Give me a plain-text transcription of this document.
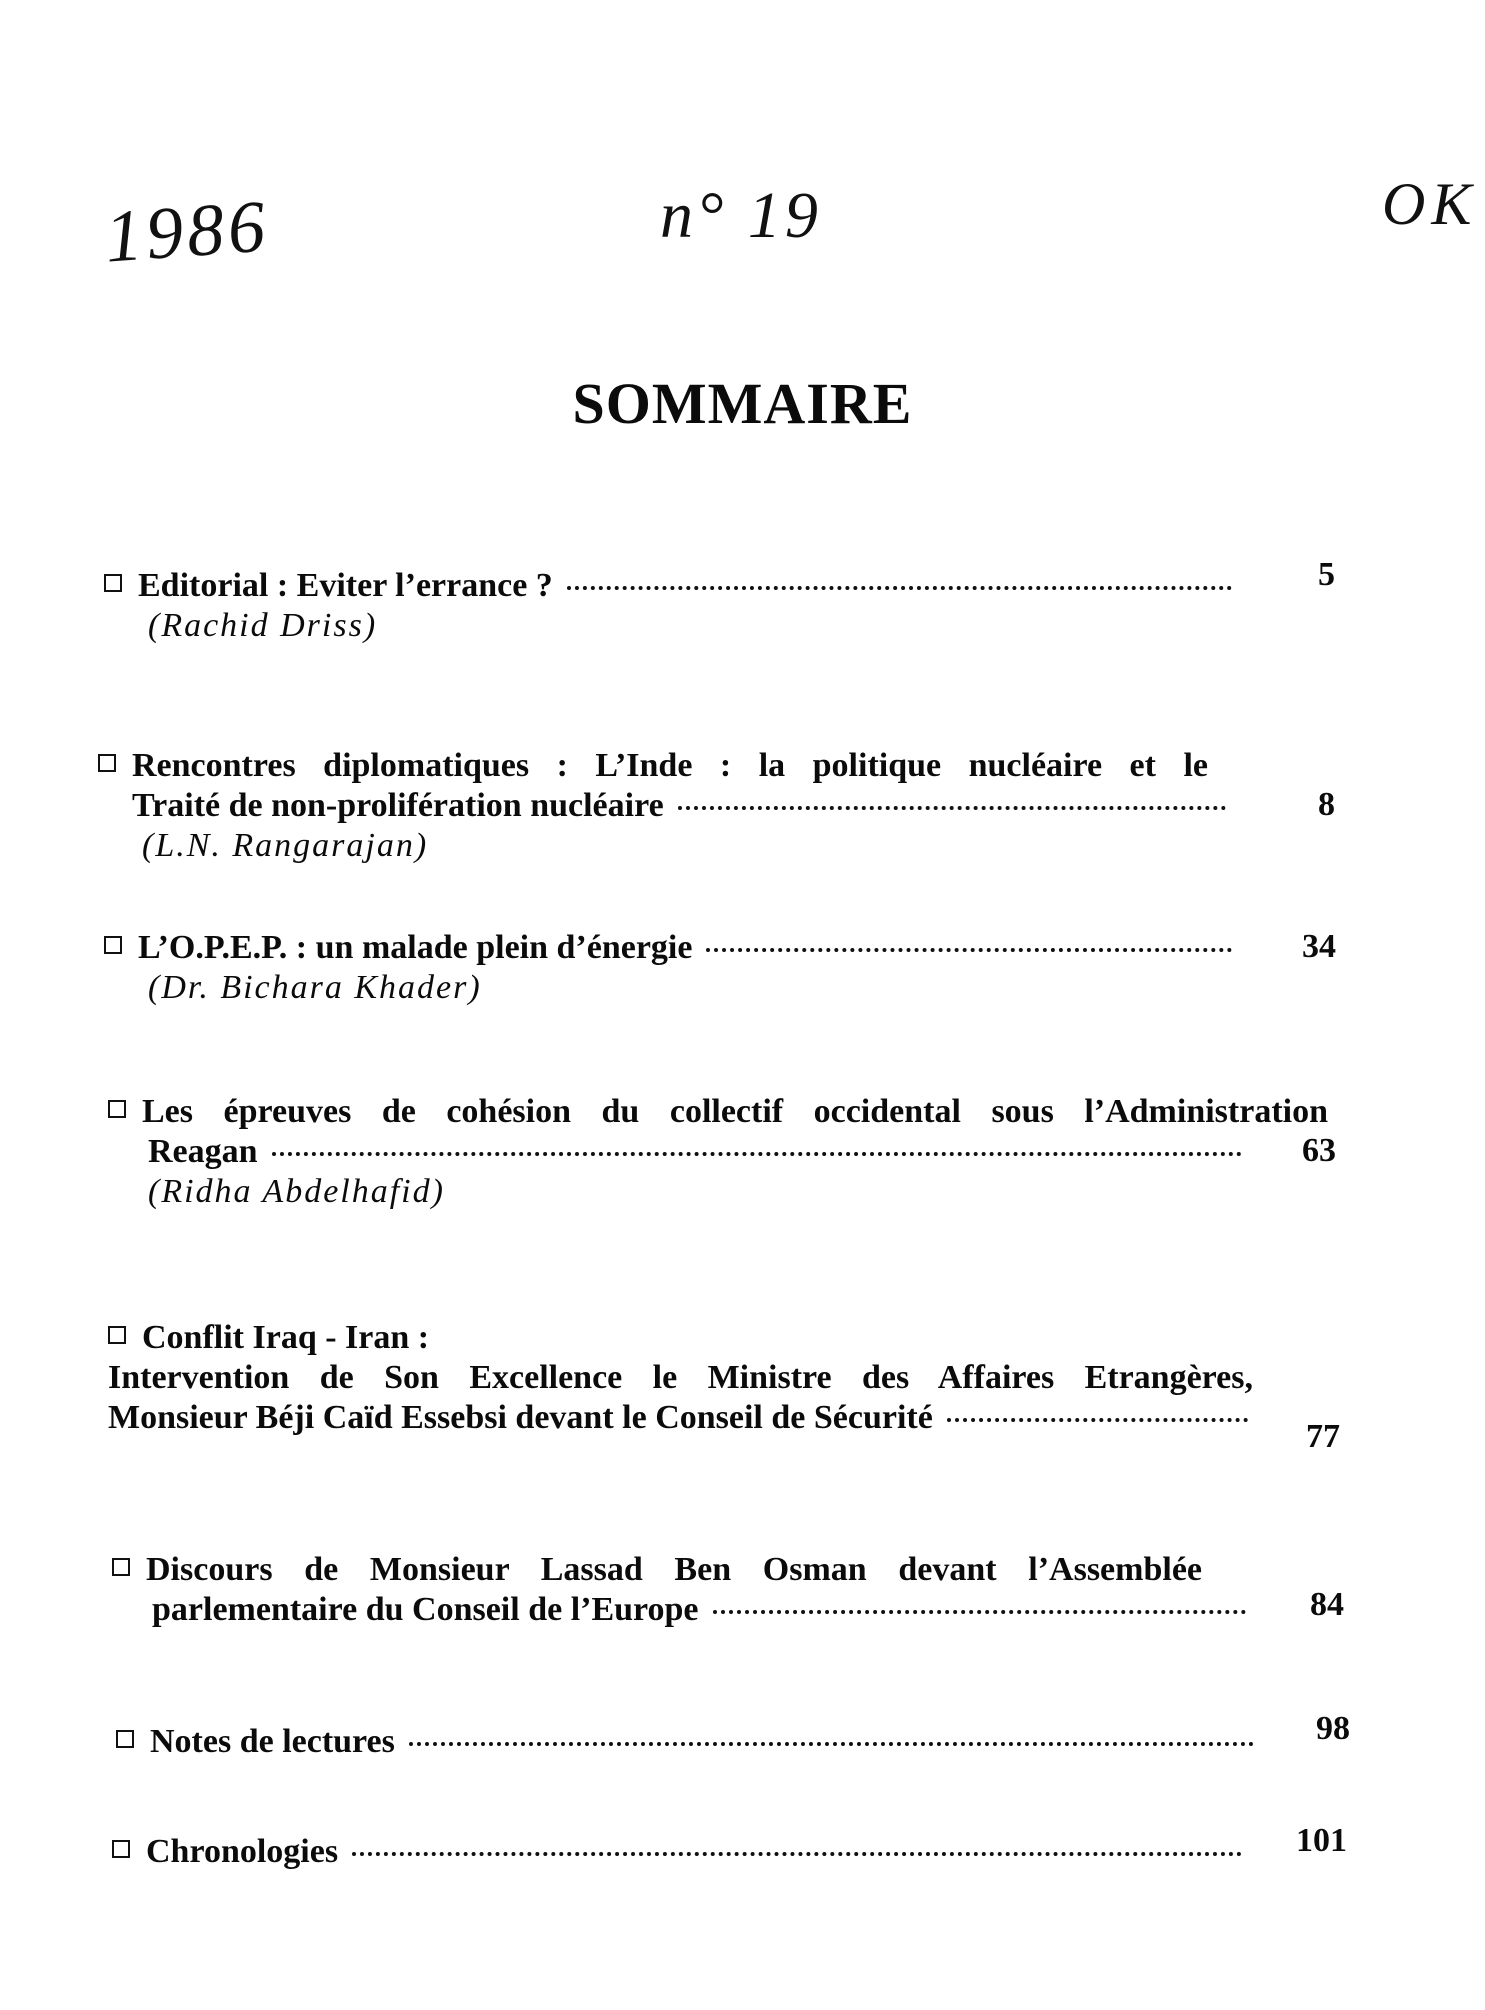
1986	n° 19	OK
SOMMAIRE
Editorial : Eviter l’errance ?
(Rachid Driss)
5
Rencontres diplomatiques : L’Inde : la politique nucléaire et le
Traité de non-prolifération nucléaire
(L.N. Rangarajan)
8
L’O.P.E.P. : un malade plein d’énergie
(Dr. Bichara Khader)
34
Les épreuves de cohésion du collectif occidental sous l’Administration
Reagan
(Ridha Abdelhafid)
63
Conflit Iraq - Iran :
Intervention de Son Excellence le Ministre des Affaires Etrangères,
Monsieur Béji Caïd Essebsi devant le Conseil de Sécurité
77
Discours de Monsieur Lassad Ben Osman devant l’Assemblée
parlementaire du Conseil de l’Europe	84
Notes de lectures	98
Chronologies	101
